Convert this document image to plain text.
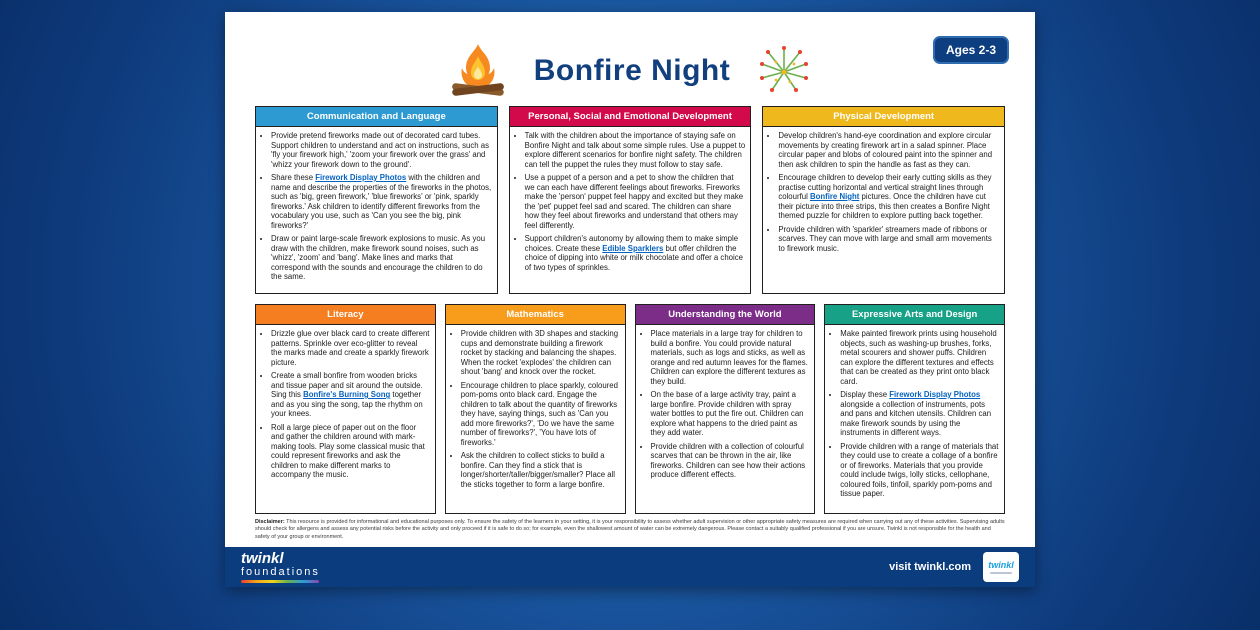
Ages 2-3
Bonfire Night
Communication and Language
• Provide pretend fireworks made out of decorated card tubes. Support children to understand and act on instructions, such as 'fly your firework high,' 'zoom your firework over the grass' and 'whizz your firework down to the ground'.
• Share these Firework Display Photos with the children and name and describe the properties of the fireworks in the photos, such as 'big, green firework,' 'blue fireworks' or 'pink, sparkly fireworks.' Ask children to identify different fireworks from the vocabulary you use, such as 'Can you see the big, pink fireworks?'
• Draw or paint large-scale firework explosions to music. As you draw with the children, make firework sound noises, such as 'whizz', 'zoom' and 'bang'. Make lines and marks that correspond with the sounds and encourage the children to do the same.
Personal, Social and Emotional Development
• Talk with the children about the importance of staying safe on Bonfire Night and talk about some simple rules. Use a puppet to explore different scenarios for bonfire night safety. The children can tell the puppet the rules they must follow to stay safe.
• Use a puppet of a person and a pet to show the children that we can each have different feelings about fireworks. Fireworks make the 'person' puppet feel happy and excited but they make the 'pet' puppet feel sad and scared. The children can share how they feel about fireworks and understand that others may feel differently.
• Support children's autonomy by allowing them to make simple choices. Create these Edible Sparklers but offer children the choice of dipping into white or milk chocolate and offer a choice of two types of sprinkles.
Physical Development
• Develop children's hand-eye coordination and explore circular movements by creating firework art in a salad spinner. Place circular paper and blobs of coloured paint into the spinner and then ask children to spin the handle as fast as they can.
• Encourage children to develop their early cutting skills as they practise cutting horizontal and vertical straight lines through colourful Bonfire Night pictures. Once the children have cut their picture into three strips, this then creates a Bonfire Night themed puzzle for children to explore putting back together.
• Provide children with 'sparkler' streamers made of ribbons or scarves. They can move with large and small arm movements to firework music.
Literacy
• Drizzle glue over black card to create different patterns. Sprinkle over eco-glitter to reveal the marks made and create a sparkly firework picture.
• Create a small bonfire from wooden bricks and tissue paper and sit around the outside. Sing this Bonfire's Burning Song together and as you sing the song, tap the rhythm on your knees.
• Roll a large piece of paper out on the floor and gather the children around with mark-making tools. Play some classical music that could represent fireworks and ask the children to make different marks to accompany the music.
Mathematics
• Provide children with 3D shapes and stacking cups and demonstrate building a firework rocket by stacking and balancing the shapes. When the rocket 'explodes' the children can shout 'bang' and knock over the rocket.
• Encourage children to place sparkly, coloured pom-poms onto black card. Engage the children to talk about the quantity of fireworks they have, saying things, such as 'Can you add more fireworks?', 'Do we have the same number of fireworks?', 'You have lots of fireworks.'
• Ask the children to collect sticks to build a bonfire. Can they find a stick that is longer/shorter/taller/bigger/smaller? Place all the sticks together to form a large bonfire.
Understanding the World
• Place materials in a large tray for children to build a bonfire. You could provide natural materials, such as logs and sticks, as well as orange and red autumn leaves for the flames. Children can explore the different textures as they build.
• On the base of a large activity tray, paint a large bonfire. Provide children with spray water bottles to put the fire out. Children can explore what happens to the dried paint as they add water.
• Provide children with a collection of colourful scarves that can be thrown in the air, like fireworks. Children can see how their actions produce different effects.
Expressive Arts and Design
• Make painted firework prints using household objects, such as washing-up brushes, forks, metal scourers and shower puffs. Children can explore the different textures and effects that can be created as they print onto black card.
• Display these Firework Display Photos alongside a collection of instruments, pots and pans and kitchen utensils. Children can make firework sounds by using the instruments in different ways.
• Provide children with a range of materials that they could use to create a collage of a bonfire or of fireworks. Materials that you provide could include twigs, lolly sticks, cellophane, coloured foils, tinfoil, sparkly pom-poms and tissue paper.

Disclaimer: This resource is provided for informational and educational purposes only. To ensure the safety of the learners in your setting, it is your responsibility to assess whether adult supervision or other appropriate safety measures are required when carrying out any of these activities. Supervising adults should check for allergens and assess any potential risks before the activity and only proceed if it is safe to do so; for example, even the shallowest amount of water can be extremely dangerous. Please contact a suitably qualified professional if you are unsure. Twinkl is not responsible for the health and safety of your group or environment.

twinkl
foundations	visit twinkl.com twinkl
